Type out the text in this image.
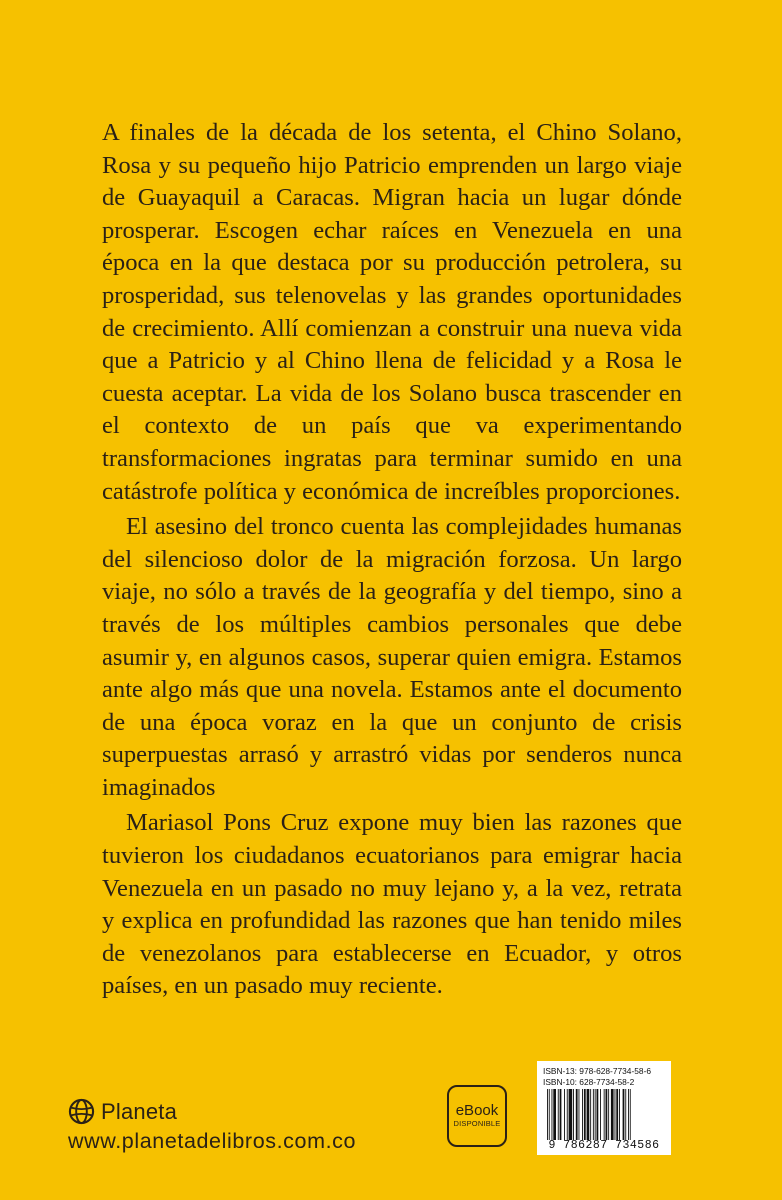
A finales de la década de los setenta, el Chino Solano, Rosa y su pequeño hijo Patricio emprenden un largo viaje de Guayaquil a Caracas. Migran hacia un lugar dónde prosperar. Escogen echar raíces en Venezuela en una época en la que destaca por su producción petrolera, su prosperidad, sus telenovelas y las grandes oportunidades de crecimiento. Allí comienzan a construir una nueva vida que a Patricio y al Chino llena de felicidad y a Rosa le cuesta aceptar. La vida de los Solano busca trascender en el contexto de un país que va experimentando transformaciones ingratas para terminar sumido en una catástrofe política y económica de increíbles proporciones.

El asesino del tronco cuenta las complejidades humanas del silencioso dolor de la migración forzosa. Un largo viaje, no sólo a través de la geografía y del tiempo, sino a través de los múltiples cambios personales que debe asumir y, en algunos casos, superar quien emigra. Estamos ante algo más que una novela. Estamos ante el documento de una época voraz en la que un conjunto de crisis superpuestas arrasó y arrastró vidas por senderos nunca imaginados

Mariasol Pons Cruz expone muy bien las razones que tuvieron los ciudadanos ecuatorianos para emigrar hacia Venezuela en un pasado no muy lejano y, a la vez, retrata y explica en profundidad las razones que han tenido miles de venezolanos para establecerse en Ecuador, y otros países, en un pasado muy reciente.

Planeta
www.planetadelibros.com.co
eBook
DISPONIBLE
ISBN-13: 978-628-7734-58-6
ISBN-10: 628-7734-58-2
9 786287 734586
